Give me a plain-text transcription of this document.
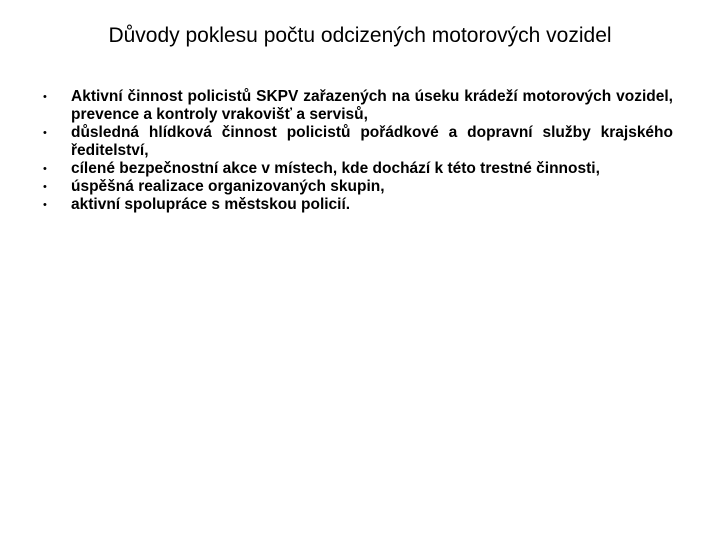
Důvody poklesu počtu odcizených motorových vozidel
•	Aktivní činnost policistů SKPV zařazených na úseku krádeží motorových vozidel, prevence a kontroly vrakovišť a servisů,
•	důsledná hlídková činnost policistů pořádkové a dopravní služby krajského ředitelství,
•	cílené bezpečnostní akce v místech, kde dochází k této trestné činnosti,
•	úspěšná realizace organizovaných skupin,
•	aktivní spolupráce s městskou policií.
